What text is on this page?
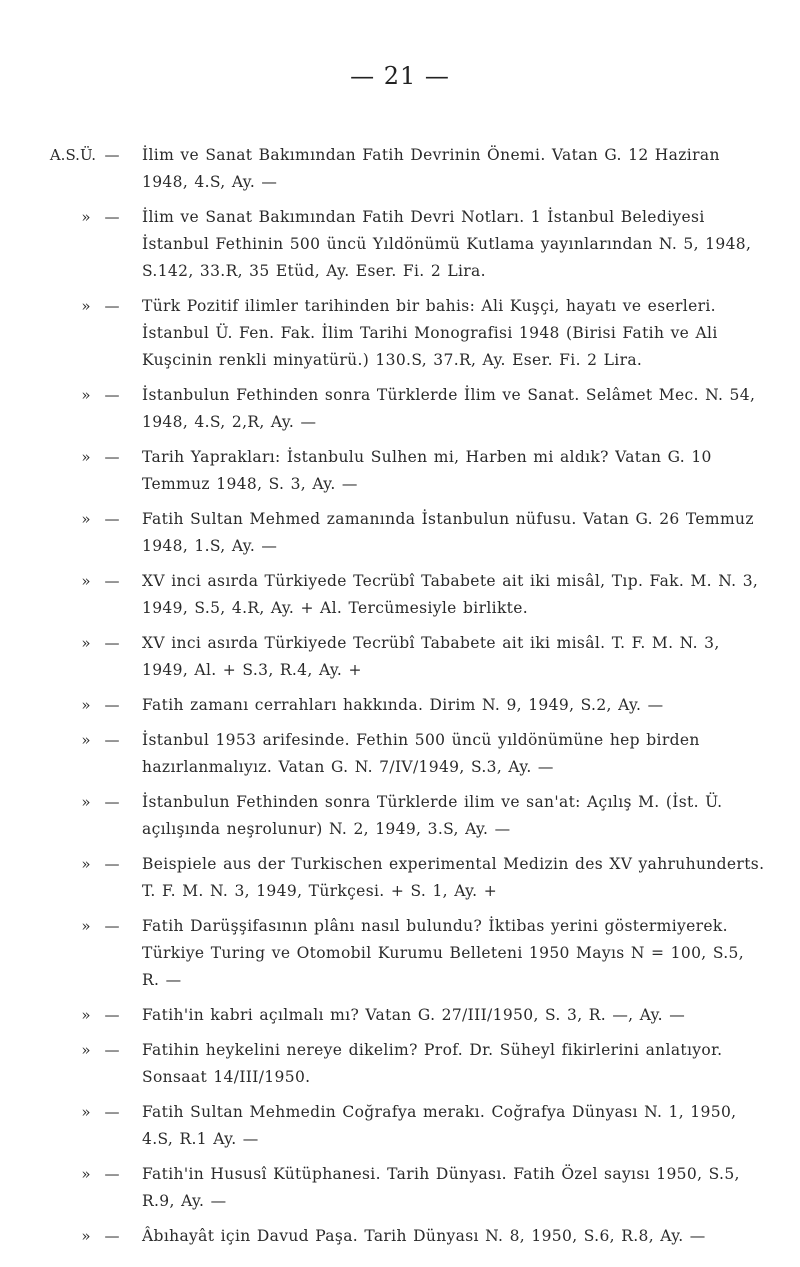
— 21 —
A.S.Ü. —	İlim ve Sanat Bakımından Fatih Devrinin Önemi. Vatan G. 12 Haziran 1948, 4.S, Ay. —
» —	İlim ve Sanat Bakımından Fatih Devri Notları. 1 İstanbul Belediyesi İstanbul Fethinin 500 üncü Yıldönümü Kutlama yayınlarından N. 5, 1948, S.142, 33.R, 35 Etüd, Ay. Eser. Fi. 2 Lira.
» —	Türk Pozitif ilimler tarihinden bir bahis: Ali Kuşçi, hayatı ve eserleri. İstanbul Ü. Fen. Fak. İlim Tarihi Monografisi 1948 (Birisi Fatih ve Ali Kuşcinin renkli minyatürü.) 130.S, 37.R, Ay. Eser. Fi. 2 Lira.
» —	İstanbulun Fethinden sonra Türklerde İlim ve Sanat. Selâmet Mec. N. 54, 1948, 4.S, 2,R, Ay. —
» —	Tarih Yaprakları: İstanbulu Sulhen mi, Harben mi aldık? Vatan G. 10 Temmuz 1948, S. 3, Ay. —
» —	Fatih Sultan Mehmed zamanında İstanbulun nüfusu. Vatan G. 26 Temmuz 1948, 1.S, Ay. —
» —	XV inci asırda Türkiyede Tecrübî Tababete ait iki misâl, Tıp. Fak. M. N. 3, 1949, S.5, 4.R, Ay. + Al. Tercümesiyle birlikte.
» —	XV inci asırda Türkiyede Tecrübî Tababete ait iki misâl. T. F. M. N. 3, 1949, Al. + S.3, R.4, Ay. +
» —	Fatih zamanı cerrahları hakkında. Dirim N. 9, 1949, S.2, Ay. —
» —	İstanbul 1953 arifesinde. Fethin 500 üncü yıldönümüne hep birden hazırlanmalıyız. Vatan G. N. 7/IV/1949, S.3, Ay. —
» —	İstanbulun Fethinden sonra Türklerde ilim ve san'at: Açılış M. (İst. Ü. açılışında neşrolunur) N. 2, 1949, 3.S, Ay. —
» —	Beispiele aus der Turkischen experimental Medizin des XV yahruhunderts. T. F. M. N. 3, 1949, Türkçesi. + S. 1, Ay. +
» —	Fatih Darüşşifasının plânı nasıl bulundu? İktibas yerini göstermiyerek. Türkiye Turing ve Otomobil Kurumu Belleteni 1950 Mayıs N = 100, S.5, R. —
» —	Fatih'in kabri açılmalı mı? Vatan G. 27/III/1950, S. 3, R. —, Ay. —
» —	Fatihin heykelini nereye dikelim? Prof. Dr. Süheyl fikirlerini anlatıyor. Sonsaat 14/III/1950.
» —	Fatih Sultan Mehmedin Coğrafya merakı. Coğrafya Dünyası N. 1, 1950, 4.S, R.1 Ay. —
» —	Fatih'in Hususî Kütüphanesi. Tarih Dünyası. Fatih Özel sayısı 1950, S.5, R.9, Ay. —
» —	Âbıhayât için Davud Paşa. Tarih Dünyası N. 8, 1950, S.6, R.8, Ay. —
